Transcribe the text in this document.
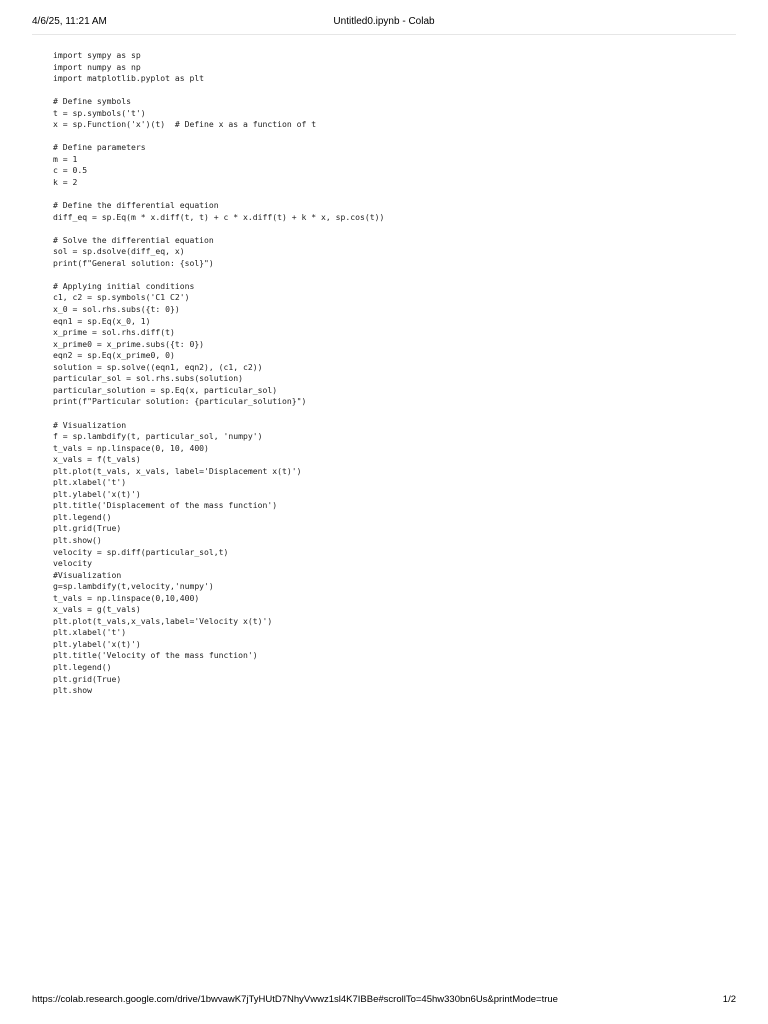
4/6/25, 11:21 AM	Untitled0.ipynb - Colab
import sympy as sp
import numpy as np
import matplotlib.pyplot as plt
# Define symbols
t = sp.symbols('t')
x = sp.Function('x')(t)  # Define x as a function of t
# Define parameters
m = 1
c = 0.5
k = 2
# Define the differential equation
diff_eq = sp.Eq(m * x.diff(t, t) + c * x.diff(t) + k * x, sp.cos(t))
# Solve the differential equation
sol = sp.dsolve(diff_eq, x)
print(f"General solution: {sol}")
# Applying initial conditions
c1, c2 = sp.symbols('C1 C2')
x_0 = sol.rhs.subs({t: 0})
eqn1 = sp.Eq(x_0, 1)
x_prime = sol.rhs.diff(t)
x_prime0 = x_prime.subs({t: 0})
eqn2 = sp.Eq(x_prime0, 0)
solution = sp.solve((eqn1, eqn2), (c1, c2))
particular_sol = sol.rhs.subs(solution)
particular_solution = sp.Eq(x, particular_sol)
print(f"Particular solution: {particular_solution}")
# Visualization
f = sp.lambdify(t, particular_sol, 'numpy')
t_vals = np.linspace(0, 10, 400)
x_vals = f(t_vals)
plt.plot(t_vals, x_vals, label='Displacement x(t)')
plt.xlabel('t')
plt.ylabel('x(t)')
plt.title('Displacement of the mass function')
plt.legend()
plt.grid(True)
plt.show()
velocity = sp.diff(particular_sol,t)
velocity
#Visualization
g=sp.lambdify(t,velocity,'numpy')
t_vals = np.linspace(0,10,400)
x_vals = g(t_vals)
plt.plot(t_vals,x_vals,label='Velocity x(t)')
plt.xlabel('t')
plt.ylabel('x(t)')
plt.title('Velocity of the mass function')
plt.legend()
plt.grid(True)
plt.show
https://colab.research.google.com/drive/1bwvawK7jTyHUtD7NhyVwwz1sl4K7IBBe#scrollTo=45hw330bn6Us&printMode=true	1/2
